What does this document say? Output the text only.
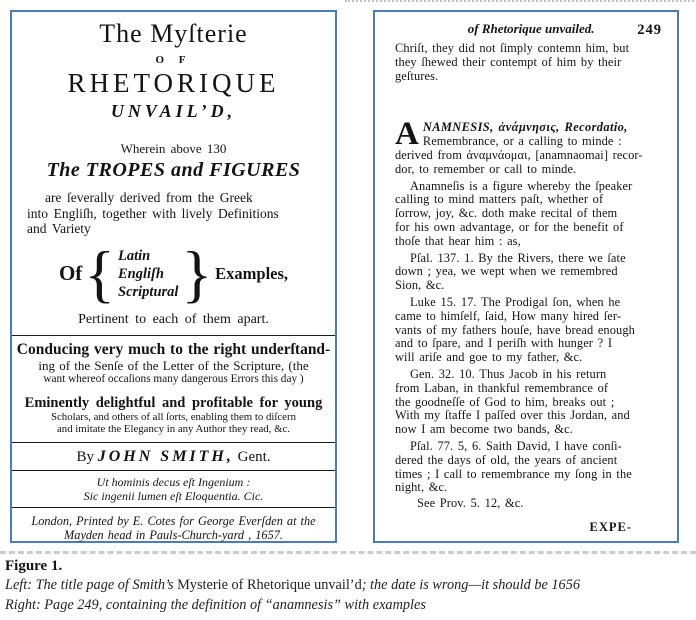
The Myſterie
O F
RHETORIQUE
UNVAIL’D,
Wherein above 130
The TROPES and FIGURES
are ſeverally derived from the Greek
into Engliſh, together with lively Definitions
and Variety
Of { Latin
Engliſh
Scriptural } Examples,
Pertinent to each of them apart.
Conducing very much to the right underſtand-
ing of the Senſe of the Letter of the Scripture, (the
want whereof occaſions many dangerous Errors this day )
Eminently delightful and profitable for young
Scholars, and others of all ſorts, enabling them to diſcern
and imitate the Elegancy in any Author they read, &c.
By JOHN SMITH, Gent.
Ut hominis decus eſt Ingenium :
Sic ingenii lumen eſt Eloquentia. Cic.
London, Printed by E. Cotes for George Everſden at the
Mayden head in Pauls-Church-yard , 1657.
of Rhetorique unvailed.	249
Chriſt, they did not ſimply contemn him, but
they ſhewed their contempt of him by their
geſtures.
A NAMNESIS, ἀνάμνησις, Recordatio,
Remembrance, or a calling to minde :
derived from ἀναμνάομαι, [anamnaomai] recor-
dor, to remember or call to minde.
Anamneſis is a figure whereby the ſpeaker
calling to mind matters paſt, whether of
ſorrow, joy, &c. doth make recital of them
for his own advantage, or for the benefit of
thoſe that hear him : as,
Pſal. 137. 1. By the Rivers, there we ſate
down ; yea, we wept when we remembred
Sion, &c.
Luke 15. 17. The Prodigal ſon, when he
came to himſelf, ſaid, How many hired ſer-
vants of my fathers houſe, have bread enough
and to ſpare, and I periſh with hunger ? I
will ariſe and goe to my father, &c.
Gen. 32. 10. Thus Jacob in his return
from Laban, in thankful remembrance of
the goodneſſe of God to him, breaks out ;
With my ſtaffe I paſſed over this Jordan, and
now I am become two bands, &c.
Pſal. 77. 5, 6. Saith David, I have conſi-
dered the days of old, the years of ancient
times ; I call to remembrance my ſong in the
night, &c.
See Prov. 5. 12, &c.
EXPE-
Figure 1.
Left: The title page of Smith’s Mysterie of Rhetorique unvail’d; the date is wrong—it should be 1656
Right: Page 249, containing the definition of “anamnesis” with examples
